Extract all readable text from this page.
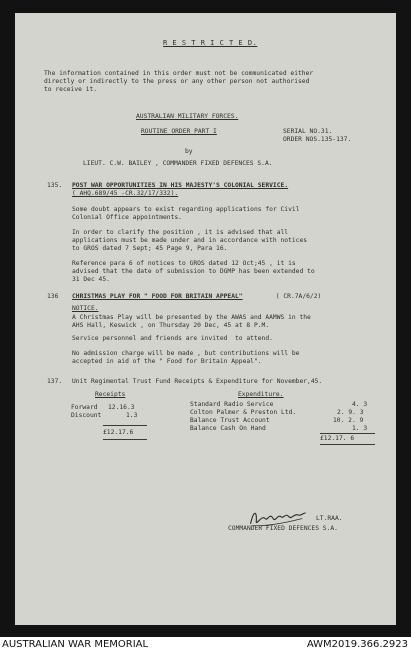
R E S T R I C T E D.
The information contained in this order must not be communicated either
directly or indirectly to the press or any other person not authorised
to receive it.
AUSTRALIAN MILITARY FORCES.
ROUTINE ORDER PART I	SERIAL NO.31.
ORDER NOS.135-137.
by
LIEUT. C.W. BAILEY , COMMANDER FIXED DEFENCES S.A.
135. POST WAR OPPORTUNITIES IN HIS MAJESTY'S COLONIAL SERVICE.
( AHQ.689/45 -CR.32/17/332).
Some doubt appears to exist regarding applications for Civil
Colonial Office appointments.
In order to clarify the position , it is advised that all
applications must be made under and in accordance with notices
to GROS dated 7 Sept; 45 Page 9, Para 16.
Reference para 6 of notices to GROS dated 12 Oct;45 , it is
advised that the date of submission to DGMP has been extended to
31 Dec 45.
136 CHRISTMAS PLAY FOR " FOOD FOR BRITAIN APPEAL"	( CR.7A/6/2)
NOTICE.
A Christmas Play will be presented by the AWAS and AAMWS in the
AHS Hall, Keswick , on Thursday 20 Dec, 45 at 8 P.M.
Service personnel and friends are invited  to attend.
No admission charge will be made , but contributions will be
accepted in aid of the " Food for Britain Appeal".
137. Unit Regimental Trust Fund Receipts & Expenditure for November,45.
Receipts	Expenditure.
Forward 12.16.3
Discount	1.3
£12.17.6
Standard Radio Service	4. 3
Colton Palmer & Preston Ltd.	2. 9. 3
Balance Trust Account	10. 2. 9
Balance Cash On Hand	1. 3
£12.17. 6
LT.RAA.
COMMANDER FIXED DEFENCES S.A.
AUSTRALIAN WAR MEMORIAL	AWM2019.366.2923
